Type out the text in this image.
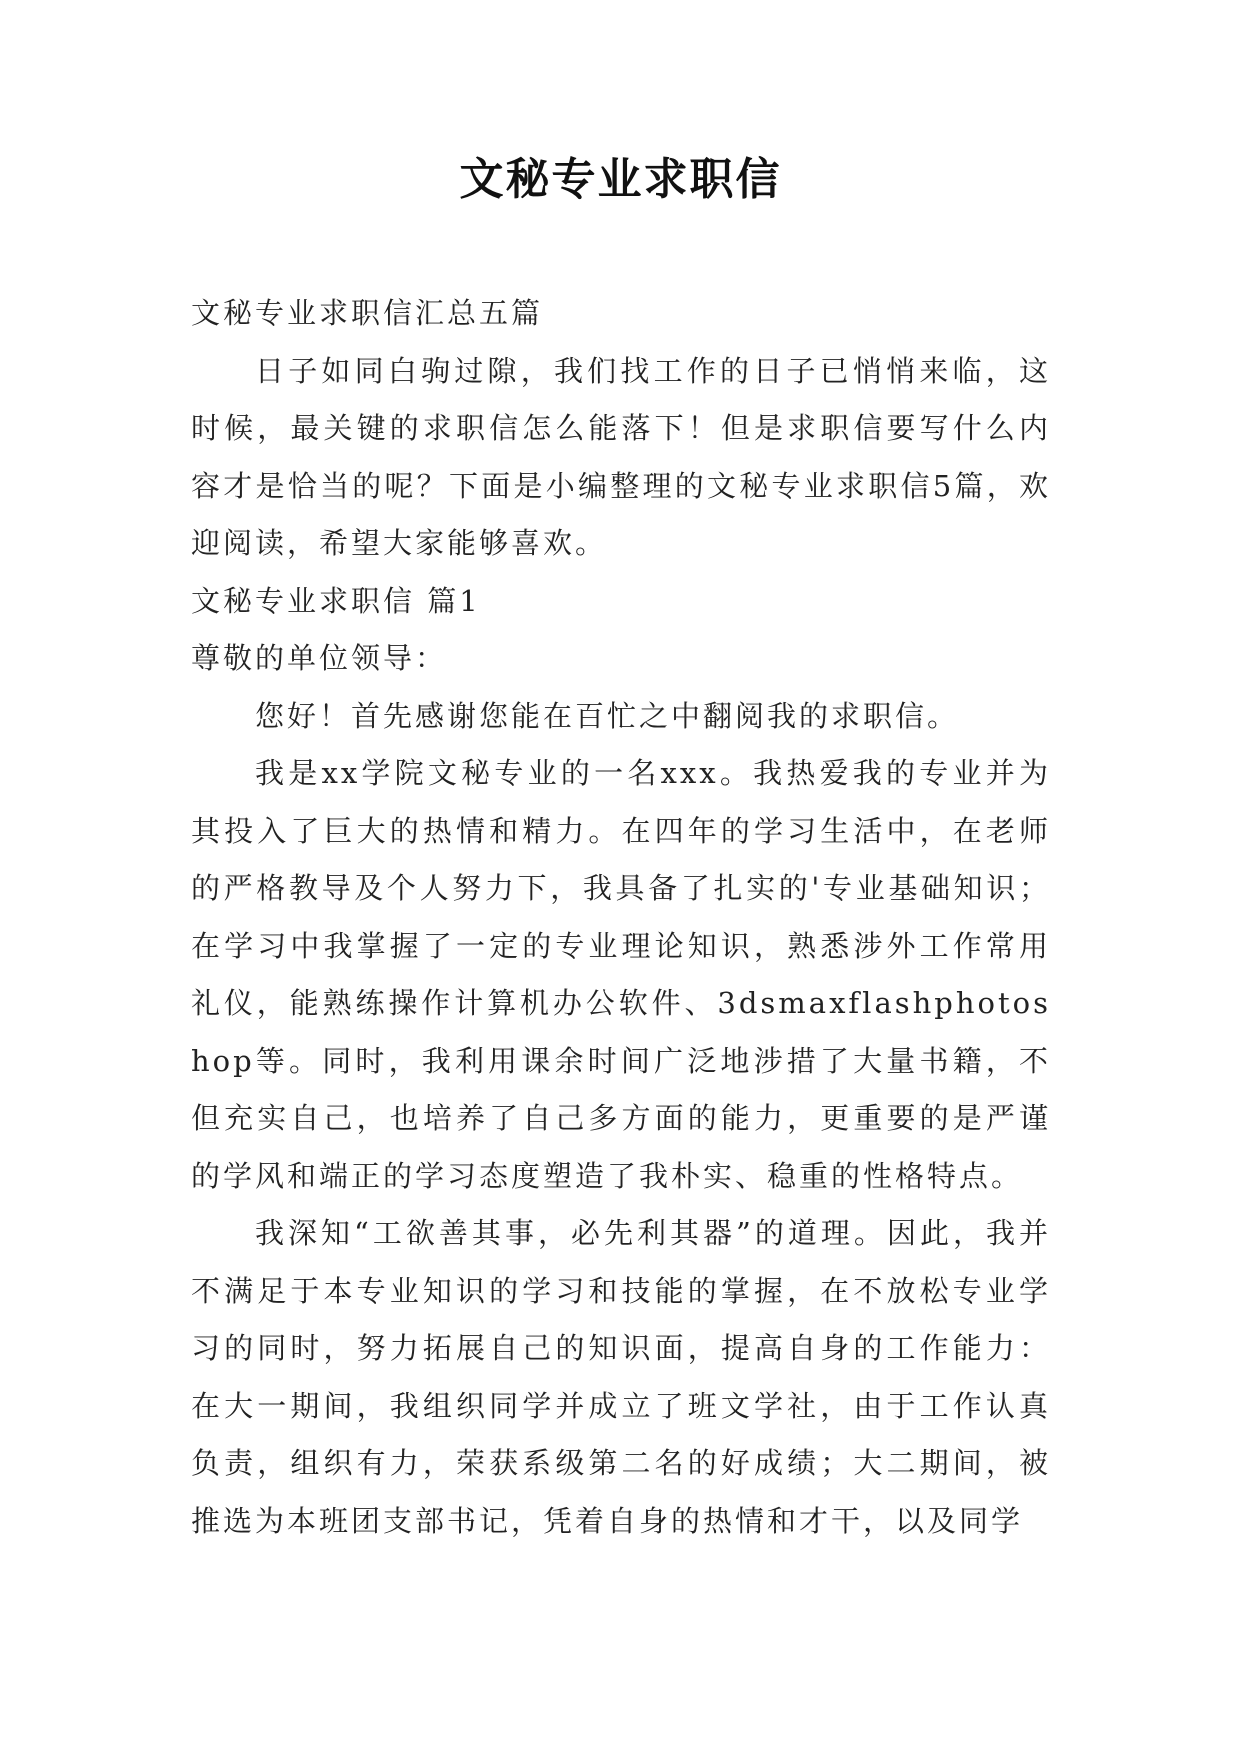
文秘专业求职信

文秘专业求职信汇总五篇

日子如同白驹过隙，我们找工作的日子已悄悄来临，这时候，最关键的求职信怎么能落下！但是求职信要写什么内容才是恰当的呢？下面是小编整理的文秘专业求职信5篇，欢迎阅读，希望大家能够喜欢。

文秘专业求职信 篇1

尊敬的单位领导：

您好！首先感谢您能在百忙之中翻阅我的求职信。

我是xx学院文秘专业的一名xxx。我热爱我的专业并为其投入了巨大的热情和精力。在四年的学习生活中，在老师的严格教导及个人努力下，我具备了扎实的'专业基础知识；在学习中我掌握了一定的专业理论知识，熟悉涉外工作常用礼仪，能熟练操作计算机办公软件、3dsmaxflashphotoshop等。同时，我利用课余时间广泛地涉措了大量书籍，不但充实自己，也培养了自己多方面的能力，更重要的是严谨的学风和端正的学习态度塑造了我朴实、稳重的性格特点。

我深知“工欲善其事，必先利其器”的道理。因此，我并不满足于本专业知识的学习和技能的掌握，在不放松专业学习的同时，努力拓展自己的知识面，提高自身的工作能力：在大一期间，我组织同学并成立了班文学社，由于工作认真负责，组织有力，荣获系级第二名的好成绩；大二期间，被推选为本班团支部书记，凭着自身的热情和才干，以及同学
